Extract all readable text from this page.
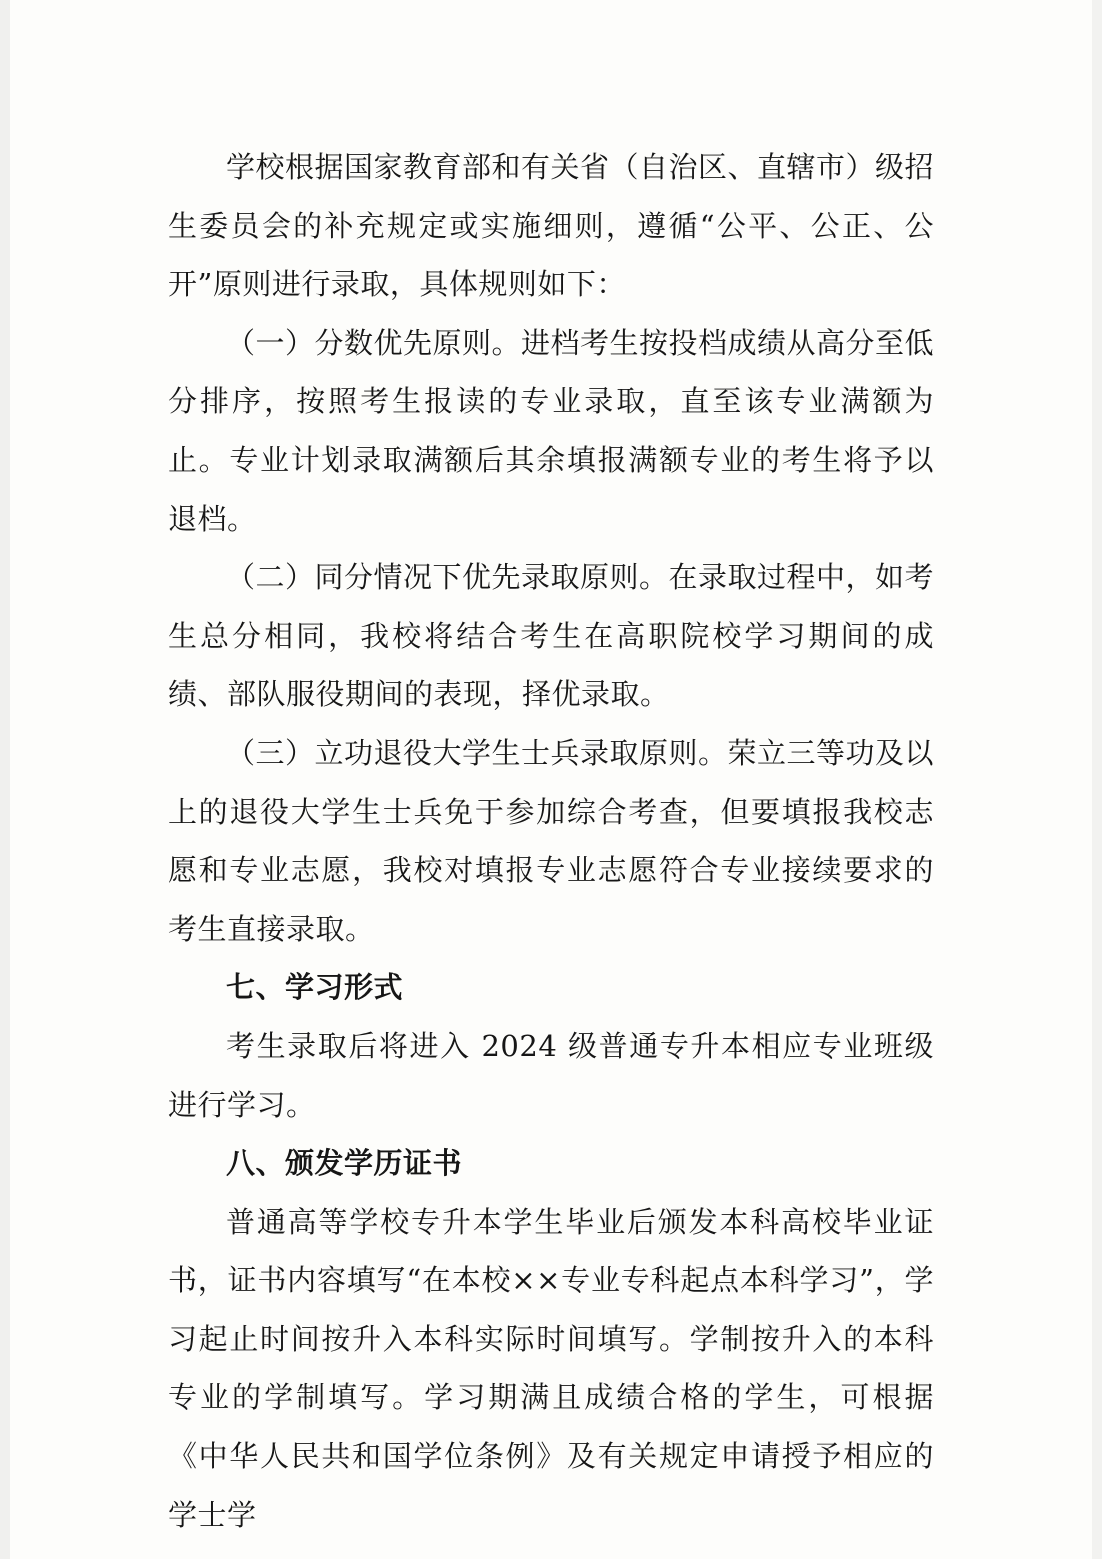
学校根据国家教育部和有关省（自治区、直辖市）级招生委员会的补充规定或实施细则，遵循“公平、公正、公开”原则进行录取，具体规则如下：

（一）分数优先原则。进档考生按投档成绩从高分至低分排序，按照考生报读的专业录取，直至该专业满额为止。专业计划录取满额后其余填报满额专业的考生将予以退档。

（二）同分情况下优先录取原则。在录取过程中，如考生总分相同，我校将结合考生在高职院校学习期间的成绩、部队服役期间的表现，择优录取。

（三）立功退役大学生士兵录取原则。荣立三等功及以上的退役大学生士兵免于参加综合考查，但要填报我校志愿和专业志愿，我校对填报专业志愿符合专业接续要求的考生直接录取。

七、学习形式

考生录取后将进入 2024 级普通专升本相应专业班级进行学习。

八、颁发学历证书

普通高等学校专升本学生毕业后颁发本科高校毕业证书，证书内容填写“在本校××专业专科起点本科学习”，学习起止时间按升入本科实际时间填写。学制按升入的本科专业的学制填写。学习期满且成绩合格的学生，可根据《中华人民共和国学位条例》及有关规定申请授予相应的学士学
